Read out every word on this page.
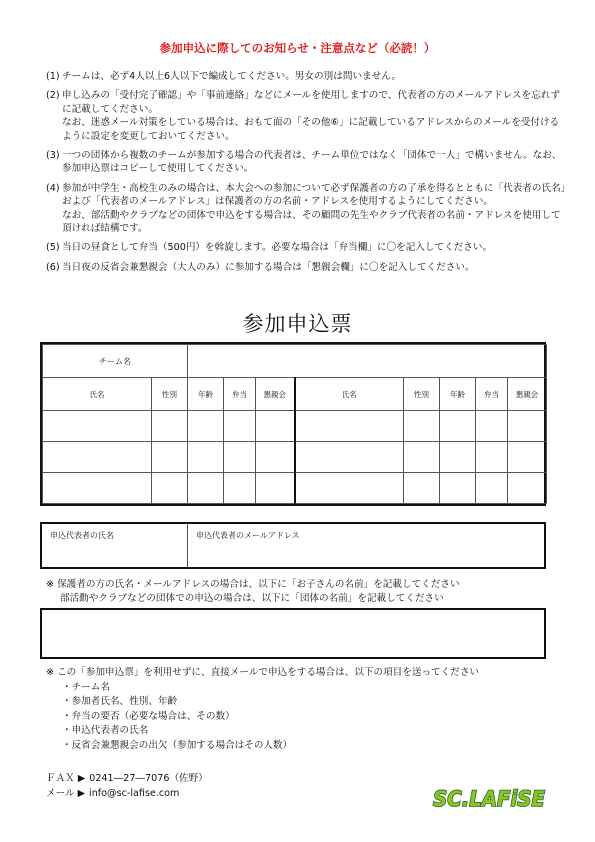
参加申込に際してのお知らせ・注意点など（必読！）
(1) チームは、必ず4人以上6人以下で編成してください。男女の別は問いません。

(2) 申し込みの「受付完了確認」や「事前連絡」などにメールを使用しますので、代表者の方のメールアドレスを忘れずに記載してください。

なお、迷惑メール対策をしている場合は、おもて面の「その他⑥」に記載しているアドレスからのメールを受付けるように設定を変更しておいてください。

(3) 一つの団体から複数のチームが参加する場合の代表者は、チーム単位ではなく「団体で一人」で構いません。なお、参加申込票はコピーして使用してください。

(4) 参加が中学生・高校生のみの場合は、本大会への参加について必ず保護者の方の了承を得るとともに「代表者の氏名」および「代表者のメールアドレス」は保護者の方の名前・アドレスを使用するようにしてください。

なお、部活動やクラブなどの団体で申込をする場合は、その顧問の先生やクラブ代表者の名前・アドレスを使用して頂ければ結構です。

(5) 当日の昼食として弁当（500円）を斡旋します。必要な場合は「弁当欄」に〇を記入してください。

(6) 当日夜の反省会兼懇親会（大人のみ）に参加する場合は「懇親会欄」に〇を記入してください。

参加申込票
チーム名									
氏名	性別	年齢	弁当	懇親会	氏名	性別	年齢	弁当	懇親会

申込代表者の氏名	申込代表者のメールアドレス

※ 保護者の方の氏名・メールアドレスの場合は、以下に「お子さんの名前」を記載してください

部活動やクラブなどの団体での申込の場合は、以下に「団体の名前」を記載してください

※ この「参加申込票」を利用せずに、直接メールで申込をする場合は、以下の項目を送ってください

・チーム名
・参加者氏名、性別、年齢
・弁当の要否（必要な場合は、その数）
・申込代表者の氏名
・反省会兼懇親会の出欠（参加する場合はその人数）
ＦＡＸ ▶ 0241―27―7076（佐野）
メール ▶ info@sc-lafise.com	SC.LAFiSE
